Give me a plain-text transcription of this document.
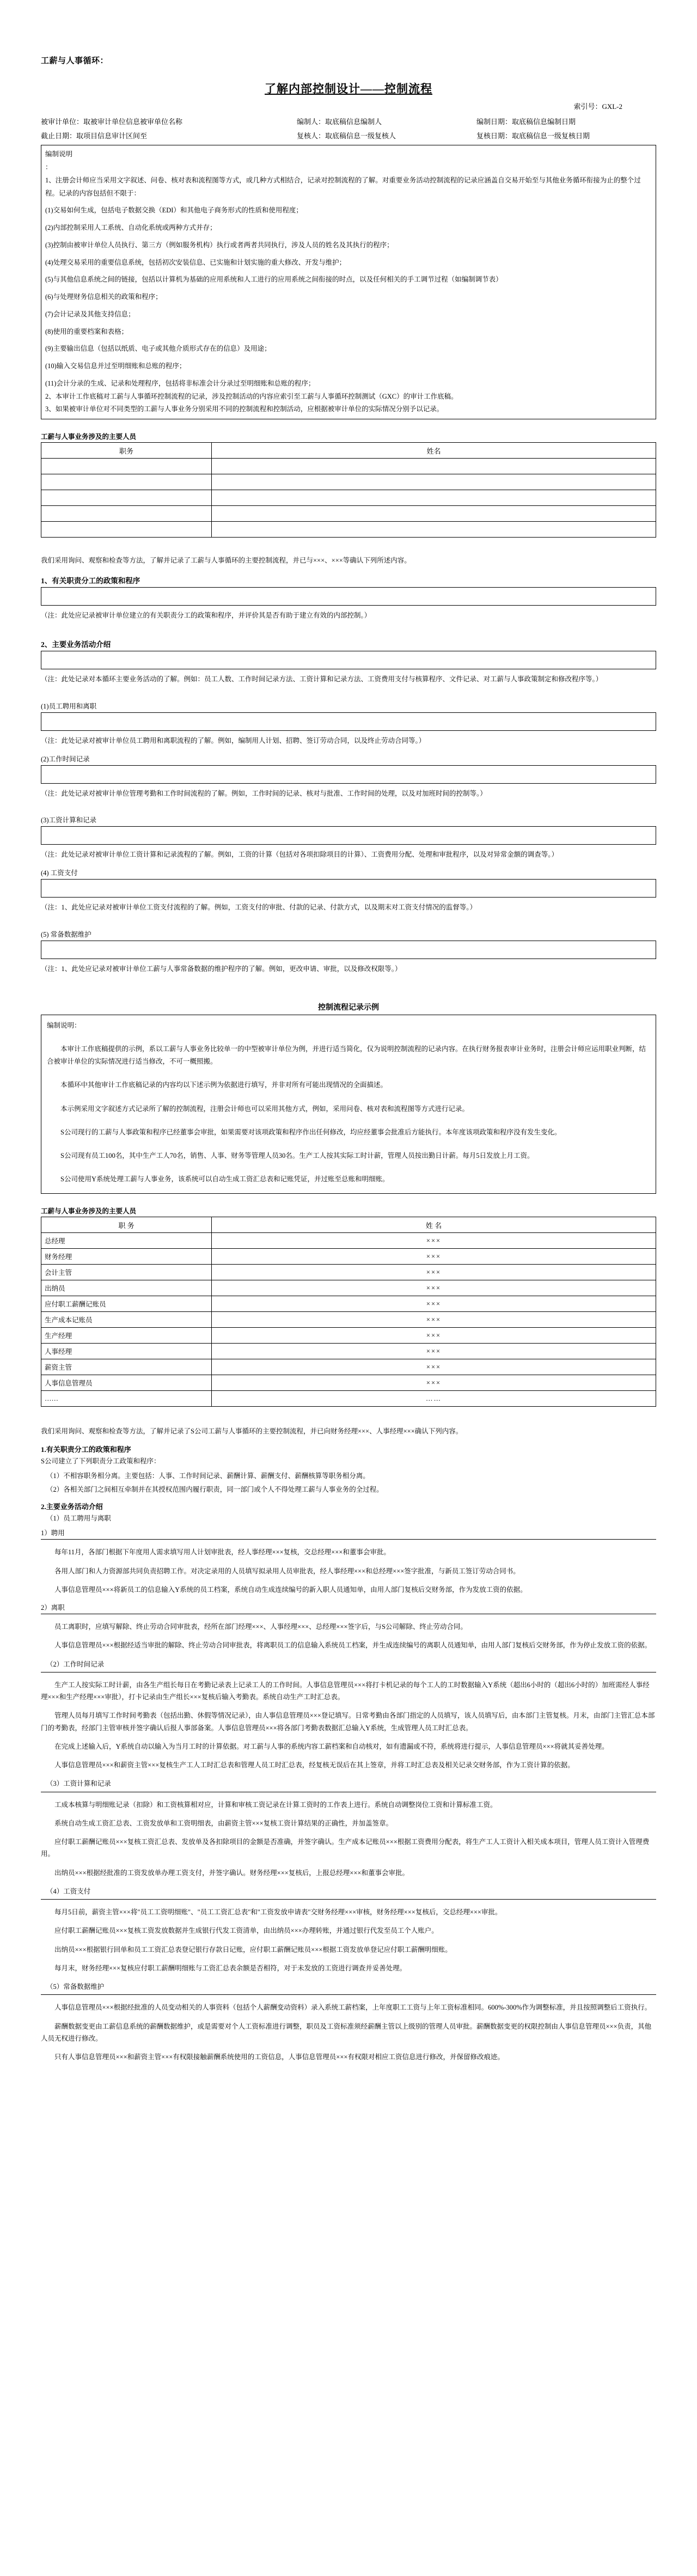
工薪与人事循环：
了解内部控制设计——控制流程
索引号：GXL-2
被审计单位：取被审计单位信息被审单位名称	编制人：取底稿信息编制人	编制日期：取底稿信息编制日期
截止日期：取项目信息审计区间至	复核人：取底稿信息一级复核人	复核日期：取底稿信息一级复核日期

编制说明

：

1、注册会计师应当采用文字叙述、问卷、核对表和流程图等方式，或几种方式相结合，记录对控制流程的了解。对重要业务活动控制流程的记录应涵盖自交易开始至与其他业务循环衔接为止的整个过程。记录的内容包括但不限于：

(1)交易如何生成，包括电子数据交换（EDI）和其他电子商务形式的性质和使用程度；

(2)内部控制采用人工系统、自动化系统或两种方式并存；

(3)控制由被审计单位人员执行、第三方（例如服务机构）执行或者两者共同执行，涉及人员的姓名及其执行的程序；

(4)处理交易采用的重要信息系统，包括初次安装信息、已实施和计划实施的重大修改、开发与维护；

(5)与其他信息系统之间的链接，包括以计算机为基础的应用系统和人工进行的应用系统之间衔接的时点，以及任何相关的手工调节过程（如编制调节表）

(6)与处理财务信息相关的政策和程序；

(7)会计记录及其他支持信息；

(8)使用的重要档案和表格；

(9)主要输出信息（包括以纸质、电子或其他介质形式存在的信息）及用途；

(10)输入交易信息并过至明细账和总账的程序；

(11)会计分录的生成、记录和处理程序，包括将非标准会计分录过至明细账和总账的程序；

2、本审计工作底稿对工薪与人事循环控制流程的记录，涉及控制活动的内容应索引至工薪与人事循环控制测试（GXC）的审计工作底稿。

3、如果被审计单位对不同类型的工薪与人事业务分别采用不同的控制流程和控制活动，应根据被审计单位的实际情况分别予以记录。

工薪与人事业务涉及的主要人员
职务	姓名

我们采用询问、观察和检查等方法，了解并记录了工薪与人事循环的主要控制流程，并已与×××、×××等确认下列所述内容。
1、有关职责分工的政策和程序
（注：此处应记录被审计单位建立的有关职责分工的政策和程序，并评价其是否有助于建立有效的内部控制。）
2、主要业务活动介绍
（注：此处记录对本循环主要业务活动的了解。例如：员工人数、工作时间记录方法、工资计算和记录方法、工资费用支付与核算程序、文件记录、对工薪与人事政策制定和修改程序等。）
(1)员工聘用和离职
（注：此处记录对被审计单位员工聘用和离职流程的了解。例如，编制用人计划、招聘、签订劳动合同，以及终止劳动合同等。）
(2)工作时间记录
（注：此处记录对被审计单位管理考勤和工作时间流程的了解。例如，工作时间的记录、核对与批准、工作时间的处理，以及对加班时间的控制等。）
(3)工资计算和记录
（注：此处记录对被审计单位工资计算和记录流程的了解。例如，工资的计算（包括对各项扣除项目的计算）、工资费用分配、处理和审批程序，以及对异常金额的调查等。）
(4) 工资支付
（注：1、此处应记录对被审计单位工资支付流程的了解。例如，工资支付的审批、付款的记录、付款方式，以及期末对工资支付情况的监督等。）
(5) 常备数据维护
（注：1、此处应记录对被审计单位工薪与人事常备数据的维护程序的了解。例如，更改申请、审批，以及修改权限等。）
控制流程记录示例

编制说明：

本审计工作底稿提供的示例，系以工薪与人事业务比较单一的中型被审计单位为例，并进行适当简化，仅为说明控制流程的记录内容。在执行财务报表审计业务时，注册会计师应运用职业判断，结合被审计单位的实际情况进行适当修改，不可一概照搬。

本循环中其他审计工作底稿记录的内容均以下述示例为依据进行填写，并非对所有可能出现情况的全面描述。

本示例采用文字叙述方式记录所了解的控制流程，注册会计师也可以采用其他方式，例如，采用问卷、核对表和流程图等方式进行记录。

S公司现行的工薪与人事政策和程序已经董事会审批，如果需要对该项政策和程序作出任何修改，均应经董事会批准后方能执行。本年度该项政策和程序没有发生变化。

S公司现有员工100名，其中生产工人70名，销售、人事、财务等管理人员30名。生产工人按其实际工时计薪，管理人员按出勤日计薪。每月5日发放上月工资。

S公司使用Y系统处理工薪与人事业务，该系统可以自动生成工资汇总表和记账凭证，并过账至总账和明细账。

工薪与人事业务涉及的主要人员
职 务	姓 名
总经理	×××
财务经理	×××
会计主管	×××
出纳员	×××
应付职工薪酬记账员	×××
生产成本记账员	×××
生产经理	×××
人事经理	×××
薪资主管	×××
人事信息管理员	×××
……	……
我们采用询问、观察和检查等方法，了解并记录了S公司工薪与人事循环的主要控制流程，并已向财务经理×××、人事经理×××确认下列内容。
1.有关职责分工的政策和程序
S公司建立了下列职责分工政策和程序：
（1）不相容职务相分离。主要包括：人事、工作时间记录、薪酬计算、薪酬支付、薪酬核算等职务相分离。
（2）各相关部门之间相互牵制并在其授权范围内履行职责，同一部门或个人不得处理工薪与人事业务的全过程。
2.主要业务活动介绍
（1）员工聘用与离职
1）聘用
每年11月，各部门根据下年度用人需求填写用人计划审批表，经人事经理×××复核，交总经理×××和董事会审批。
各用人部门和人力资源部共同负责招聘工作。对决定录用的人员填写拟录用人员审批表，经人事经理×××和总经理×××签字批准，与新员工签订劳动合同书。
人事信息管理员×××将新员工的信息输入Y系统的员工档案，系统自动生成连续编号的新入职人员通知单，由用人部门复核后交财务部，作为发放工资的依据。
2）离职
员工离职时，应填写解除、终止劳动合同审批表，经所在部门经理×××、人事经理×××、总经理×××签字后，与S公司解除、终止劳动合同。
人事信息管理员×××根据经适当审批的解除、终止劳动合同审批表，将离职员工的信息输入系统员工档案，并生成连续编号的离职人员通知单，由用人部门复核后交财务部，作为停止发放工资的依据。
（2）工作时间记录
生产工人按实际工时计薪，由各生产组长每日在考勤记录表上记录工人的工作时间。人事信息管理员×××将打卡机记录的每个工人的工时数据输入Y系统（超出6小时的（超出6小时的）加班需经人事经理×××和生产经理×××审批），打卡记录由生产组长×××复核后输入考勤表。系统自动生产工时汇总表。
管理人员每月填写工作时间考勤表（包括出勤、休假等情况记录），由人事信息管理员×××登记填写。日常考勤由各部门指定的人员填写，该人员填写后，由本部门主管复核。月末，由部门主管汇总本部门的考勤表，经部门主管审核并签字确认后报人事部备案。人事信息管理员×××将各部门考勤表数据汇总输入Y系统，生成管理人员工时汇总表。
在完成上述输入后，Y系统自动以输入为当月工时的计算依据。对工薪与人事的系统内容工薪档案和自动核对，如有遗漏或不符，系统将进行提示，人事信息管理员×××将就其妥善处理。
人事信息管理员×××和薪资主管×××复核生产工人工时汇总表和管理人员工时汇总表，经复核无误后在其上签章，并将工时汇总表及相关记录交财务部，作为工资计算的依据。
（3）工资计算和记录
工成本核算与明细账记录（扣除）和工资核算相对应，计算和审核工资记录在计算工资时的工作表上进行。系统自动调整岗位工资和计算标准工资。
系统自动生成工资汇总表、工资发放单和工资明细表，由薪资主管×××复核工资计算结果的正确性，并加盖签章。
应付职工薪酬记账员×××复核工资汇总表、发放单及各扣除项目的金额是否准确，并签字确认。生产成本记账员×××根据工资费用分配表，将生产工人工资计入相关成本项目，管理人员工资计入管理费用。
出纳员×××根据经批准的工资发放单办理工资支付，并签字确认。财务经理×××复核后，上报总经理×××和董事会审批。
（4）工资支付
每月5日前，薪资主管×××将"员工工资明细账"、"员工工资汇总表"和"工资发放申请表"交财务经理×××审核，财务经理×××复核后，交总经理×××审批。
应付职工薪酬记账员×××复核工资发放数据并生成银行代发工资清单，由出纳员×××办理转账，并通过银行代发至员工个人账户。
出纳员×××根据银行回单和员工工资汇总表登记银行存款日记账，应付职工薪酬记账员×××根据工资发放单登记应付职工薪酬明细账。
每月末，财务经理×××复核应付职工薪酬明细账与工资汇总表余额是否相符，对于未发放的工资进行调查并妥善处理。
（5）常备数据维护
人事信息管理员×××根据经批准的人员变动相关的人事资料（包括个人薪酬变动资料）录入系统工薪档案，上年度职工工资与上年工资标准相同。600%-300%作为调整标准，并且按照调整后工资执行。
薪酬数据变更由工薪信息系统的薪酬数据维护，或是需要对个人工资标准进行调整，职员及工资标准须经薪酬主管以上级别的管理人员审批。薪酬数据变更的权限控制由人事信息管理员×××负责，其他人员无权进行修改。
只有人事信息管理员×××和薪资主管×××有权限接触薪酬系统使用的工资信息，人事信息管理员×××有权限对相应工资信息进行修改，并保留修改痕迹。
